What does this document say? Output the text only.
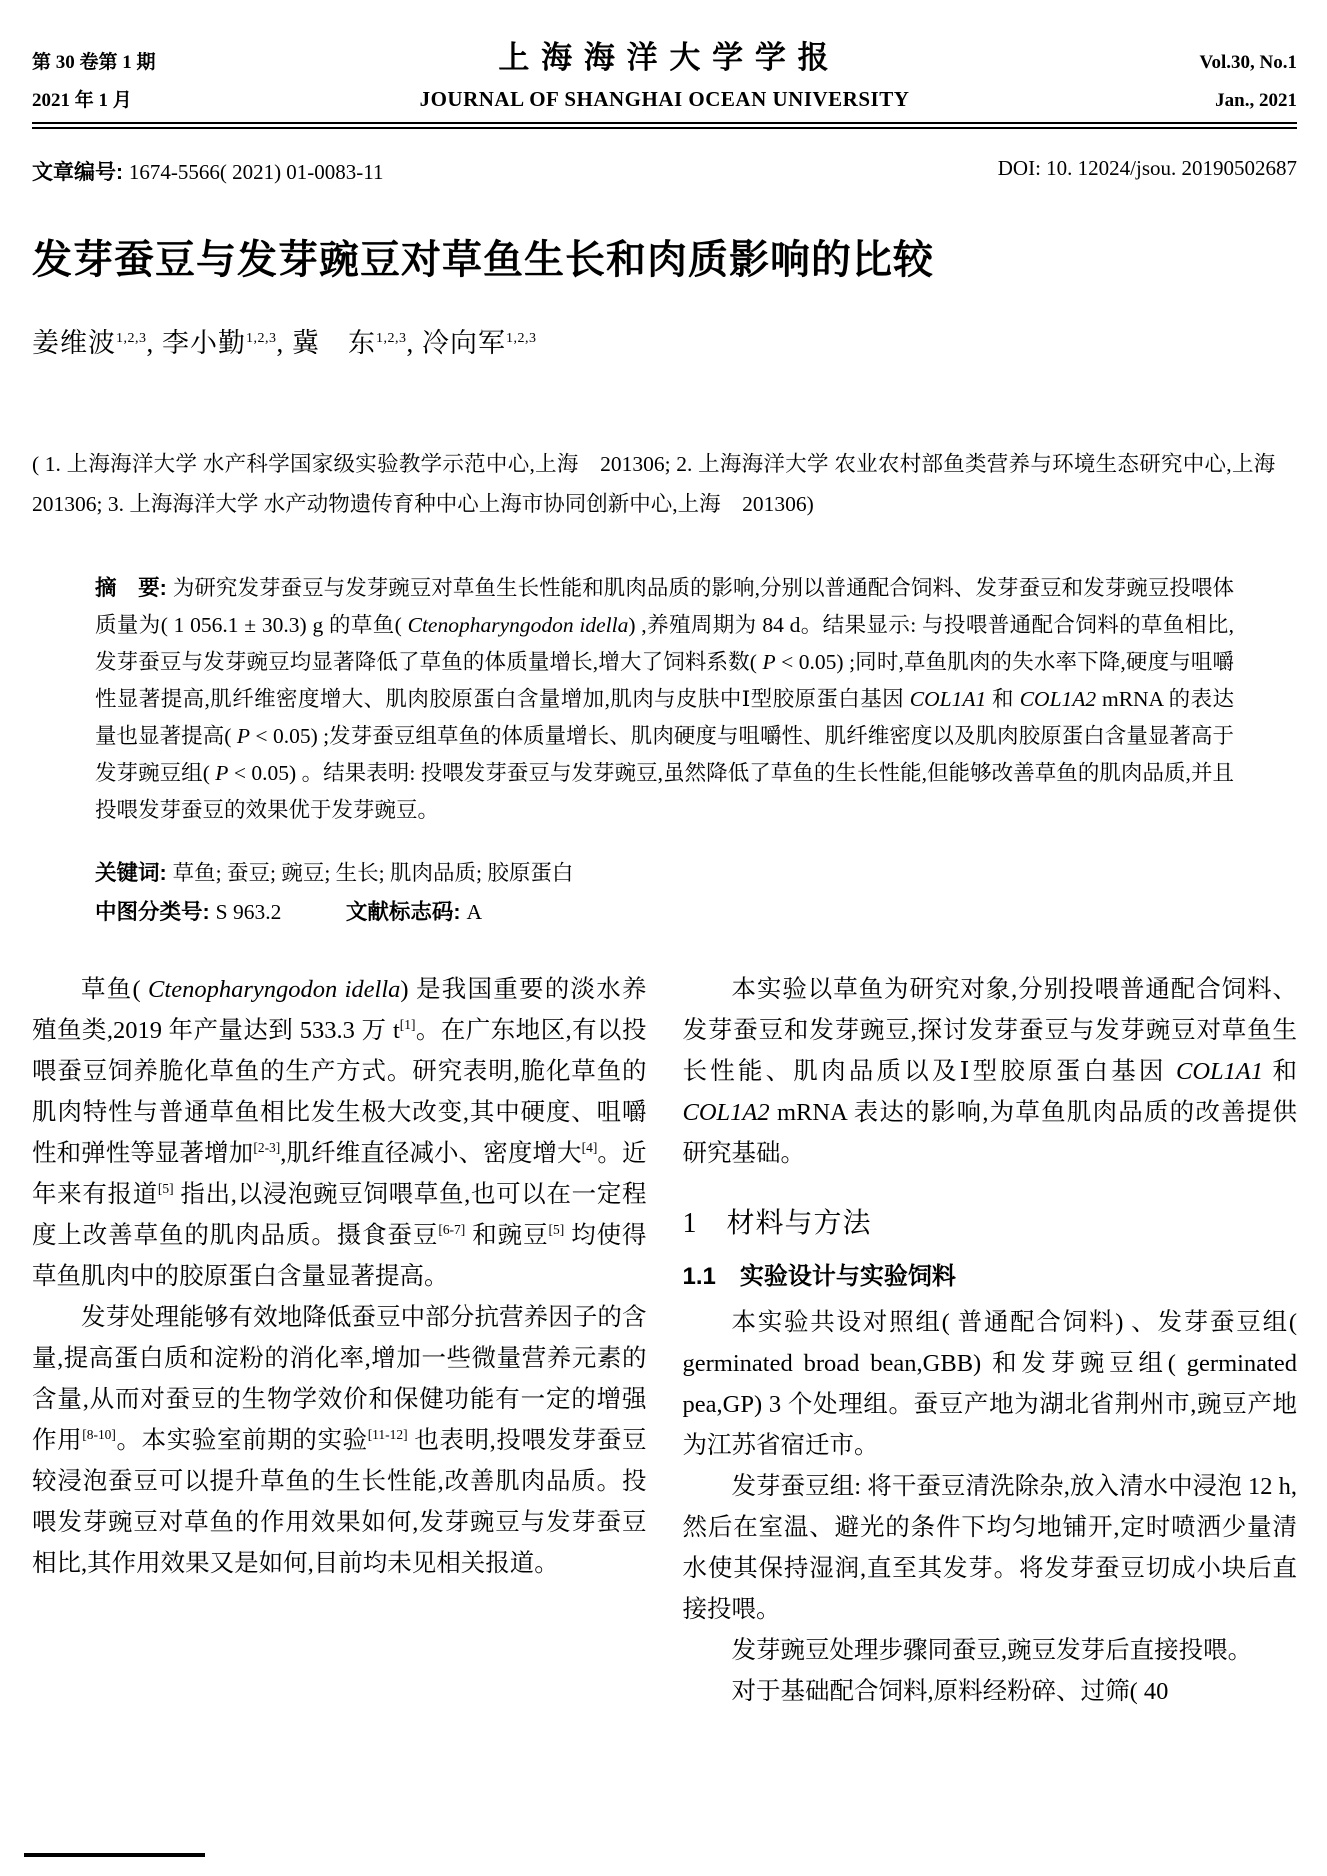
第 30 卷第 1 期	上 海 海 洋 大 学 学 报	Vol.30, No.1
2021 年 1 月	JOURNAL OF SHANGHAI OCEAN UNIVERSITY	Jan., 2021
文章编号: 1674-5566( 2021) 01-0083-11	DOI: 10. 12024/jsou. 20190502687
发芽蚕豆与发芽豌豆对草鱼生长和肉质影响的比较
姜维波$^{1,2,3}$, 李小勤$^{1,2,3}$, 冀　东$^{1,2,3}$, 冷向军$^{1,2,3}$
( 1. 上海海洋大学 水产科学国家级实验教学示范中心,上海 201306; 2. 上海海洋大学 农业农村部鱼类营养与环境生态研究中心,上海 201306; 3. 上海海洋大学 水产动物遗传育种中心上海市协同创新中心,上海 201306)

摘 要: 为研究发芽蚕豆与发芽豌豆对草鱼生长性能和肌肉品质的影响,分别以普通配合饲料、发芽蚕豆和发芽豌豆投喂体质量为( 1 056.1 ± 30.3) g 的草鱼( Ctenopharyngodon idella) ,养殖周期为 84 d。结果显示: 与投喂普通配合饲料的草鱼相比,发芽蚕豆与发芽豌豆均显著降低了草鱼的体质量增长,增大了饲料系数( P < 0.05) ;同时,草鱼肌肉的失水率下降,硬度与咀嚼性显著提高,肌纤维密度增大、肌肉胶原蛋白含量增加,肌肉与皮肤中Ⅰ型胶原蛋白基因 COL1A1 和 COL1A2 mRNA 的表达量也显著提高( P < 0.05) ;发芽蚕豆组草鱼的体质量增长、肌肉硬度与咀嚼性、肌纤维密度以及肌肉胶原蛋白含量显著高于发芽豌豆组( P < 0.05) 。结果表明: 投喂发芽蚕豆与发芽豌豆,虽然降低了草鱼的生长性能,但能够改善草鱼的肌肉品质,并且投喂发芽蚕豆的效果优于发芽豌豆。

关键词: 草鱼; 蚕豆; 豌豆; 生长; 肌肉品质; 胶原蛋白

中图分类号: S 963.2   	文献标志码: A

草鱼( Ctenopharyngodon idella) 是我国重要的淡水养殖鱼类,2019 年产量达到 533.3 万 t[1]。在广东地区,有以投喂蚕豆饲养脆化草鱼的生产方式。研究表明,脆化草鱼的肌肉特性与普通草鱼相比发生极大改变,其中硬度、咀嚼性和弹性等显著增加[2-3],肌纤维直径减小、密度增大[4]。近年来有报道[5] 指出,以浸泡豌豆饲喂草鱼,也可以在一定程度上改善草鱼的肌肉品质。摄食蚕豆[6-7] 和豌豆[5] 均使得草鱼肌肉中的胶原蛋白含量显著提高。

发芽处理能够有效地降低蚕豆中部分抗营养因子的含量,提高蛋白质和淀粉的消化率,增加一些微量营养元素的含量,从而对蚕豆的生物学效价和保健功能有一定的增强作用[8-10]。本实验室前期的实验[11-12] 也表明,投喂发芽蚕豆较浸泡蚕豆可以提升草鱼的生长性能,改善肌肉品质。投喂发芽豌豆对草鱼的作用效果如何,发芽豌豆与发芽蚕豆相比,其作用效果又是如何,目前均未见相关报道。

本实验以草鱼为研究对象,分别投喂普通配合饲料、发芽蚕豆和发芽豌豆,探讨发芽蚕豆与发芽豌豆对草鱼生长性能、肌肉品质以及Ⅰ型胶原蛋白基因 COL1A1 和 COL1A2 mRNA 表达的影响,为草鱼肌肉品质的改善提供研究基础。

1 材料与方法
1.1 实验设计与实验饲料

本实验共设对照组( 普通配合饲料) 、发芽蚕豆组( germinated broad bean,GBB) 和发芽豌豆组( germinated pea,GP) 3 个处理组。蚕豆产地为湖北省荆州市,豌豆产地为江苏省宿迁市。

发芽蚕豆组: 将干蚕豆清洗除杂,放入清水中浸泡 12 h,然后在室温、避光的条件下均匀地铺开,定时喷洒少量清水使其保持湿润,直至其发芽。将发芽蚕豆切成小块后直接投喂。

发芽豌豆处理步骤同蚕豆,豌豆发芽后直接投喂。

对于基础配合饲料,原料经粉碎、过筛( 40
